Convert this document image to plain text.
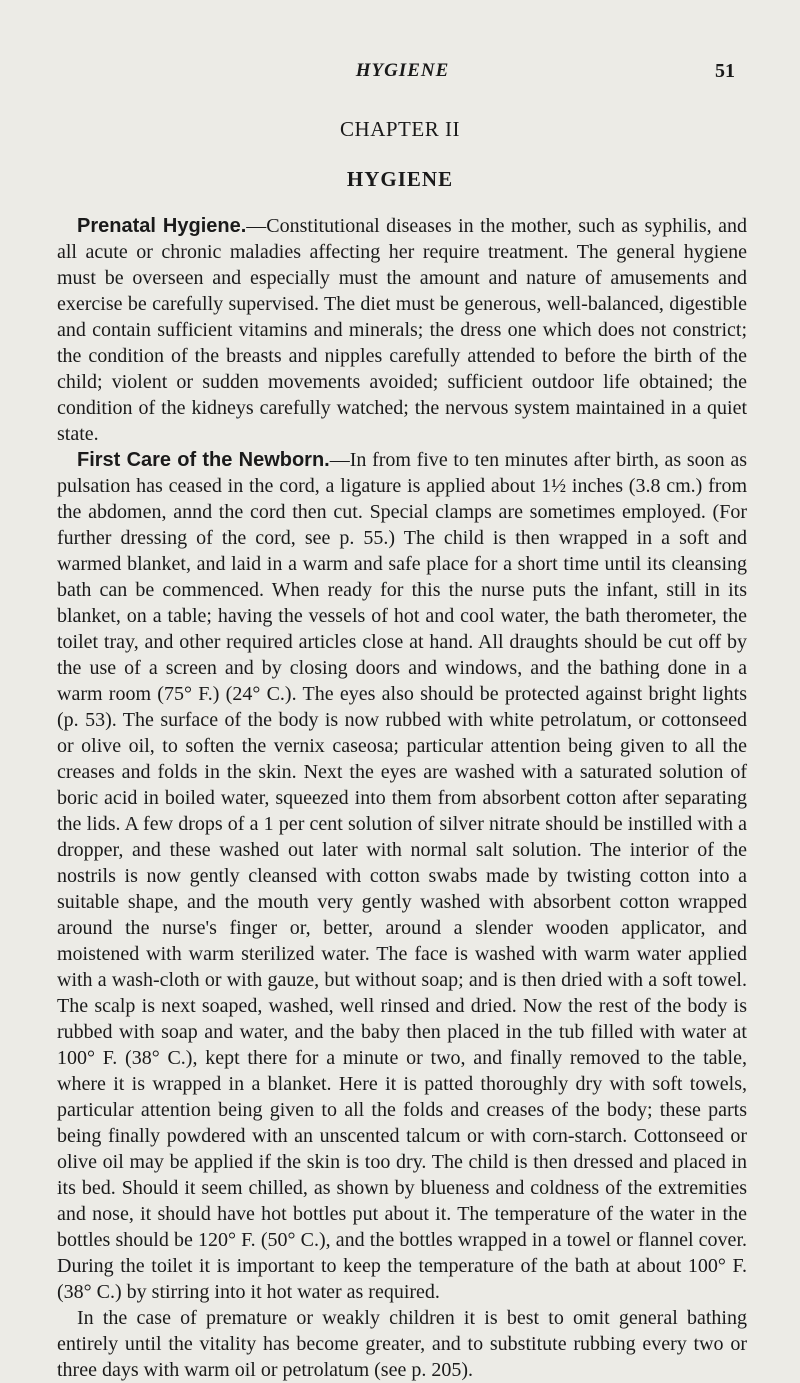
HYGIENE	51
CHAPTER II
HYGIENE

Prenatal Hygiene.—Constitutional diseases in the mother, such as syphilis, and all acute or chronic maladies affecting her require treatment. The general hygiene must be overseen and especially must the amount and nature of amusements and exercise be carefully supervised. The diet must be generous, well-balanced, digestible and contain sufficient vitamins and minerals; the dress one which does not constrict; the condition of the breasts and nipples carefully attended to before the birth of the child; violent or sudden movements avoided; sufficient outdoor life obtained; the condition of the kidneys carefully watched; the nervous system maintained in a quiet state.

First Care of the Newborn.—In from five to ten minutes after birth, as soon as pulsation has ceased in the cord, a ligature is applied about 1½ inches (3.8 cm.) from the abdomen, annd the cord then cut. Special clamps are sometimes employed. (For further dressing of the cord, see p. 55.) The child is then wrapped in a soft and warmed blanket, and laid in a warm and safe place for a short time until its cleansing bath can be commenced. When ready for this the nurse puts the infant, still in its blanket, on a table; having the vessels of hot and cool water, the bath therometer, the toilet tray, and other required articles close at hand. All draughts should be cut off by the use of a screen and by closing doors and windows, and the bathing done in a warm room (75° F.) (24° C.). The eyes also should be protected against bright lights (p. 53). The surface of the body is now rubbed with white petrolatum, or cottonseed or olive oil, to soften the vernix caseosa; particular attention being given to all the creases and folds in the skin. Next the eyes are washed with a saturated solution of boric acid in boiled water, squeezed into them from absorbent cotton after separating the lids. A few drops of a 1 per cent solution of silver nitrate should be instilled with a dropper, and these washed out later with normal salt solution. The interior of the nostrils is now gently cleansed with cotton swabs made by twisting cotton into a suitable shape, and the mouth very gently washed with absorbent cotton wrapped around the nurse's finger or, better, around a slender wooden applicator, and moistened with warm sterilized water. The face is washed with warm water applied with a wash-cloth or with gauze, but without soap; and is then dried with a soft towel. The scalp is next soaped, washed, well rinsed and dried. Now the rest of the body is rubbed with soap and water, and the baby then placed in the tub filled with water at 100° F. (38° C.), kept there for a minute or two, and finally removed to the table, where it is wrapped in a blanket. Here it is patted thoroughly dry with soft towels, particular attention being given to all the folds and creases of the body; these parts being finally powdered with an unscented talcum or with corn-starch. Cottonseed or olive oil may be applied if the skin is too dry. The child is then dressed and placed in its bed. Should it seem chilled, as shown by blueness and coldness of the extremities and nose, it should have hot bottles put about it. The temperature of the water in the bottles should be 120° F. (50° C.), and the bottles wrapped in a towel or flannel cover. During the toilet it is important to keep the temperature of the bath at about 100° F. (38° C.) by stirring into it hot water as required.

In the case of premature or weakly children it is best to omit general bathing entirely until the vitality has become greater, and to substitute rubbing every two or three days with warm oil or petrolatum (see p. 205).
